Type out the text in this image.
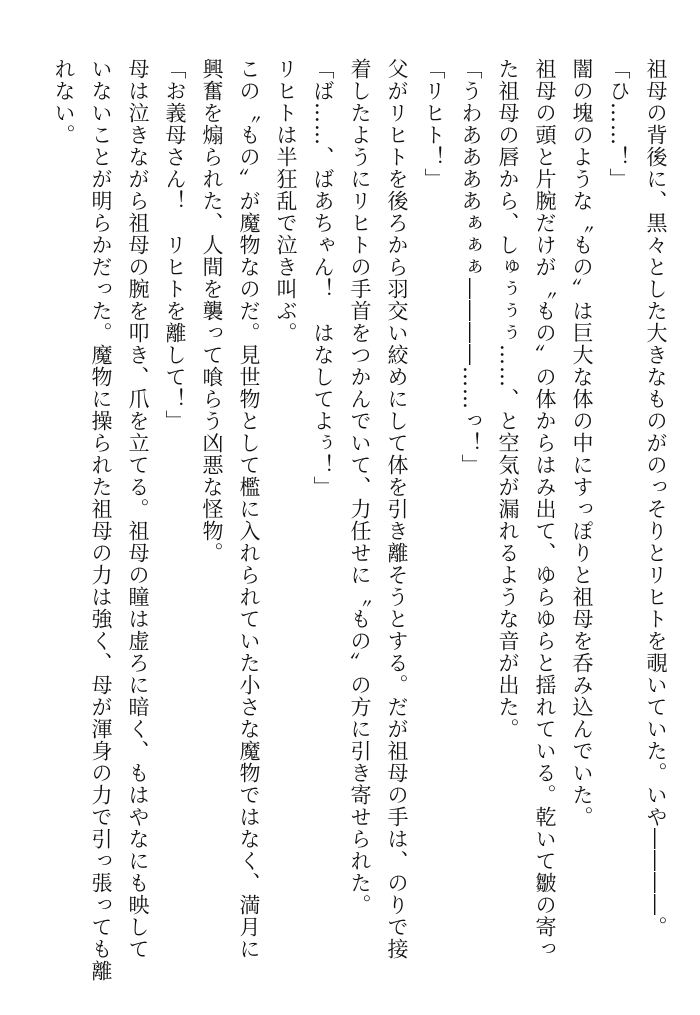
祖母の背後に、黒々とした大きなものがのっそりとリヒトを覗いていた。いや――――。
「ひ……！」
闇の塊のような〝もの〟は巨大な体の中にすっぽりと祖母を呑み込んでいた。
祖母の頭と片腕だけが〝もの〟の体からはみ出て、ゆらゆらと揺れている。乾いて皺の寄っ
た祖母の唇から、しゅぅぅぅ……、と空気が漏れるような音が出た。
「うわああああぁぁぁ――――……っ！」
「リヒト！」
父がリヒトを後ろから羽交い絞めにして体を引き離そうとする。だが祖母の手は、のりで接
着したようにリヒトの手首をつかんでいて、力任せに〝もの〟の方に引き寄せられた。
「ば……、ばあちゃん！　はなしてよぅ！」
リヒトは半狂乱で泣き叫ぶ。
この〝もの〟が魔物なのだ。見世物として檻に入れられていた小さな魔物ではなく、満月に
興奮を煽られた、人間を襲って喰らう凶悪な怪物。
「お義母さん！　リヒトを離して！」
母は泣きながら祖母の腕を叩き、爪を立てる。祖母の瞳は虚ろに暗く、もはやなにも映して
いないことが明らかだった。魔物に操られた祖母の力は強く、母が渾身の力で引っ張っても離
れない。
